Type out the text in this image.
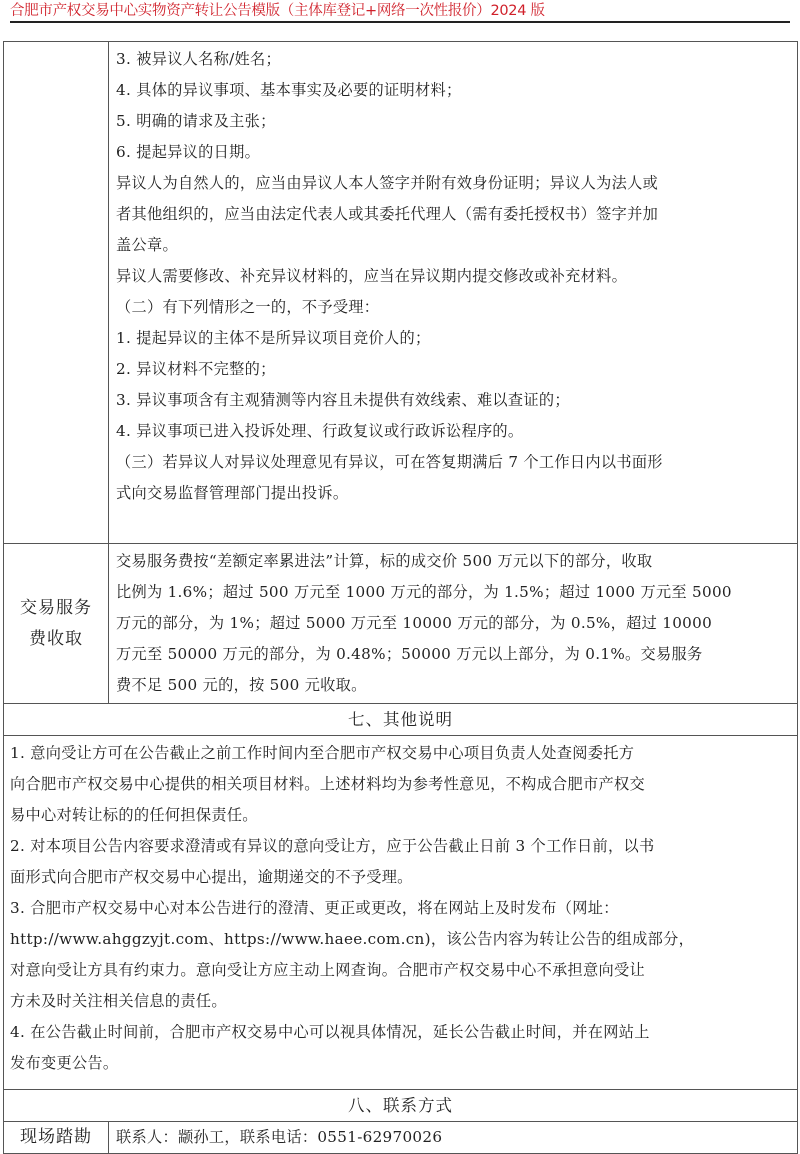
合肥市产权交易中心实物资产转让公告模版（主体库登记+网络一次性报价）2024 版

3. 被异议人名称/姓名；
4. 具体的异议事项、基本事实及必要的证明材料；
5. 明确的请求及主张；
6. 提起异议的日期。
异议人为自然人的，应当由异议人本人签字并附有效身份证明；异议人为法人或
者其他组织的，应当由法定代表人或其委托代理人（需有委托授权书）签字并加
盖公章。
异议人需要修改、补充异议材料的，应当在异议期内提交修改或补充材料。
（二）有下列情形之一的，不予受理：
1. 提起异议的主体不是所异议项目竞价人的；
2. 异议材料不完整的；
3. 异议事项含有主观猜测等内容且未提供有效线索、难以查证的；
4. 异议事项已进入投诉处理、行政复议或行政诉讼程序的。
（三）若异议人对异议处理意见有异议，可在答复期满后 7 个工作日内以书面形
式向交易监督管理部门提出投诉。

交易服务
费收取	交易服务费按“差额定率累进法”计算，标的成交价 500 万元以下的部分，收取
比例为 1.6%；超过 500 万元至 1000 万元的部分，为 1.5%；超过 1000 万元至 5000
万元的部分，为 1%；超过 5000 万元至 10000 万元的部分，为 0.5%，超过 10000
万元至 50000 万元的部分，为 0.48%；50000 万元以上部分，为 0.1%。交易服务
费不足 500 元的，按 500 元收取。

七、其他说明	

1. 意向受让方可在公告截止之前工作时间内至合肥市产权交易中心项目负责人处查阅委托方
向合肥市产权交易中心提供的相关项目材料。上述材料均为参考性意见，不构成合肥市产权交
易中心对转让标的的任何担保责任。
2. 对本项目公告内容要求澄清或有异议的意向受让方，应于公告截止日前 3 个工作日前，以书
面形式向合肥市产权交易中心提出，逾期递交的不予受理。
3. 合肥市产权交易中心对本公告进行的澄清、更正或更改，将在网站上及时发布（网址：
http://www.ahggzyjt.com、https://www.haee.com.cn)，该公告内容为转让公告的组成部分，
对意向受让方具有约束力。意向受让方应主动上网查询。合肥市产权交易中心不承担意向受让
方未及时关注相关信息的责任。
4. 在公告截止时间前，合肥市产权交易中心可以视具体情况，延长公告截止时间，并在网站上
发布变更公告。

八、联系方式	
现场踏勘	联系人：颛孙工，联系电话：0551-62970026
